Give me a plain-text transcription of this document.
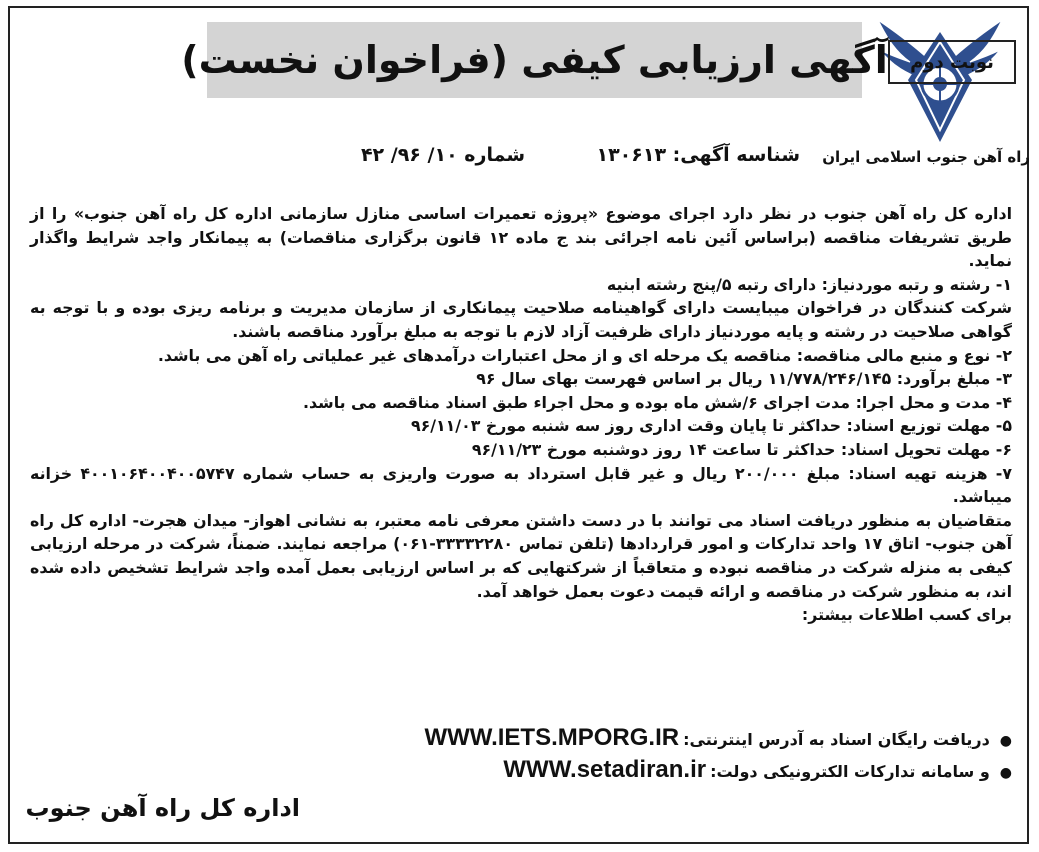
راه آهن جنوب اسلامی ایران
آگهی ارزیابی کیفی (فراخوان نخست)	نوبت دوم
شناسه آگهی: ۱۳۰۶۱۳
شماره ۱۰/ ۹۶/ ۴۲

اداره کل راه آهن جنوب در نظر دارد اجرای موضوع «پروژه تعمیرات اساسی منازل سازمانی اداره کل راه آهن جنوب» را از طریق تشریفات مناقصه (براساس آئین نامه اجرائی بند ج ماده ۱۲ قانون برگزاری مناقصات) به پیمانکار واجد شرایط واگذار نماید.

۱- رشته و رتبه موردنیاز: دارای رتبه ۵/پنج رشته ابنیه

شرکت کنندگان در فراخوان میبایست دارای گواهینامه صلاحیت پیمانکاری از سازمان مدیریت و برنامه ریزی بوده و با توجه به گواهی صلاحیت در رشته و پایه موردنیاز دارای ظرفیت آزاد لازم با توجه به مبلغ برآورد مناقصه باشند.

۲- نوع و منبع مالی مناقصه: مناقصه یک مرحله ای و از محل اعتبارات درآمدهای غیر عملیاتی راه آهن می باشد.

۳- مبلغ برآورد: ۱۱/۷۷۸/۲۴۶/۱۴۵ ریال بر اساس فهرست بهای سال ۹۶

۴- مدت و محل اجرا: مدت اجرای ۶/شش ماه بوده و محل اجراء طبق اسناد مناقصه می باشد.

۵- مهلت توزیع اسناد: حداکثر تا پایان وقت اداری روز سه شنبه مورخ ۹۶/۱۱/۰۳

۶- مهلت تحویل اسناد: حداکثر تا ساعت ۱۴ روز دوشنبه مورخ ۹۶/۱۱/۲۳

۷- هزینه تهیه اسناد: مبلغ ۲۰۰/۰۰۰ ریال و غیر قابل استرداد به صورت واریزی به حساب شماره ۴۰۰۱۰۶۴۰۰۴۰۰۵۷۴۷ خزانه میباشد.

متقاضیان به منظور دریافت اسناد می توانند با در دست داشتن معرفی نامه معتبر، به نشانی اهواز- میدان هجرت- اداره کل راه آهن جنوب- اتاق ۱۷ واحد تدارکات و امور قراردادها (تلفن تماس ۳۳۳۳۲۲۸۰-۰۶۱) مراجعه نمایند. ضمناً، شرکت در مرحله ارزیابی کیفی به منزله شرکت در مناقصه نبوده و متعاقباً از شرکتهایی که بر اساس ارزیابی بعمل آمده واجد شرایط تشخیص داده شده اند، به منظور شرکت در مناقصه و ارائه قیمت دعوت بعمل خواهد آمد.

برای کسب اطلاعات بیشتر:

●
دریافت رایگان اسناد به آدرس اینترنتی:
WWW.IETS.MPORG.IR
●
و سامانه تدارکات الکترونیکی دولت:
WWW.setadiran.ir
اداره کل راه آهن جنوب
